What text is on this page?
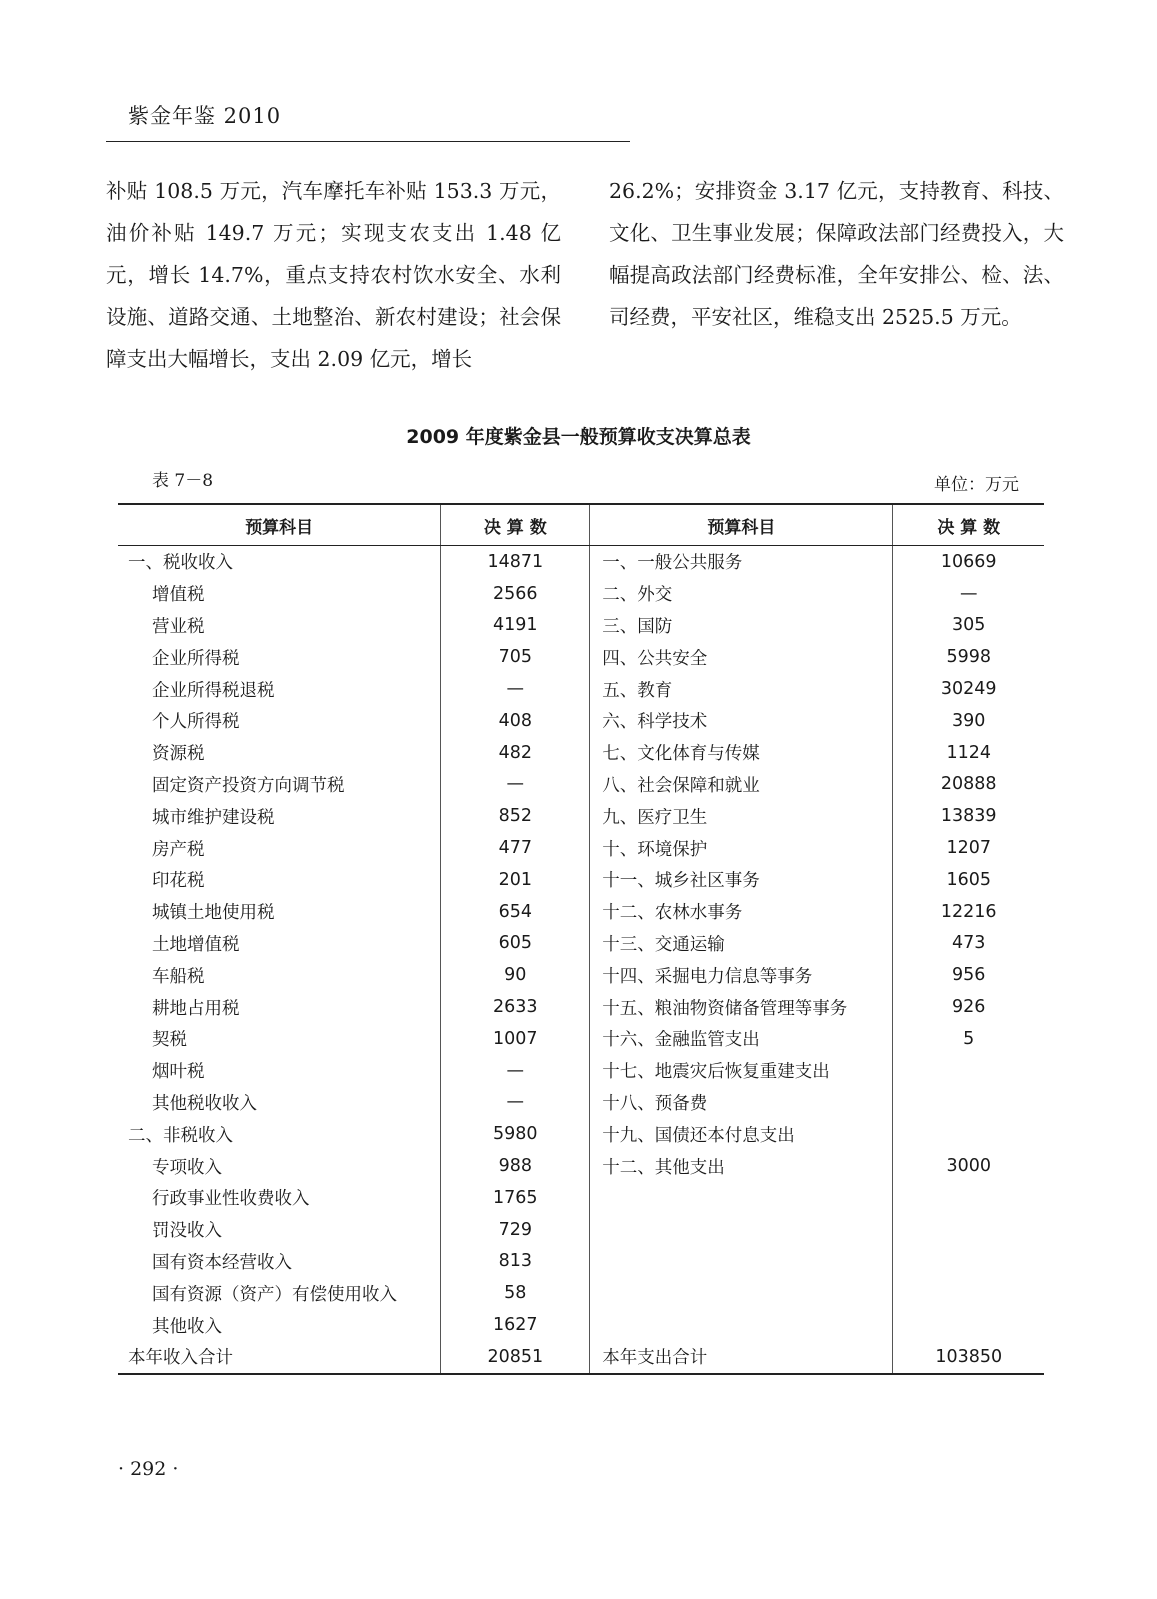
紫金年鉴 2010
补贴 108.5 万元，汽车摩托车补贴 153.3 万元，油价补贴 149.7 万元；实现支农支出 1.48 亿元，增长 14.7%，重点支持农村饮水安全、水利设施、道路交通、土地整治、新农村建设；社会保障支出大幅增长，支出 2.09 亿元，增长
26.2%；安排资金 3.17 亿元，支持教育、科技、文化、卫生事业发展；保障政法部门经费投入，大幅提高政法部门经费标准，全年安排公、检、法、司经费，平安社区，维稳支出 2525.5 万元。
2009 年度紫金县一般预算收支决算总表
表 7－8	单位：万元
预算科目	决 算 数	预算科目	决 算 数
一、税收收入	14871	一、一般公共服务	10669
增值税	2566	二、外交	—
营业税	4191	三、国防	305
企业所得税	705	四、公共安全	5998
企业所得税退税	—	五、教育	30249
个人所得税	408	六、科学技术	390
资源税	482	七、文化体育与传媒	1124
固定资产投资方向调节税	—	八、社会保障和就业	20888
城市维护建设税	852	九、医疗卫生	13839
房产税	477	十、环境保护	1207
印花税	201	十一、城乡社区事务	1605
城镇土地使用税	654	十二、农林水事务	12216
土地增值税	605	十三、交通运输	473
车船税	90	十四、采掘电力信息等事务	956
耕地占用税	2633	十五、粮油物资储备管理等事务	926
契税	1007	十六、金融监管支出	5
烟叶税	—	十七、地震灾后恢复重建支出	
其他税收收入	—	十八、预备费	
二、非税收入	5980	十九、国债还本付息支出	
专项收入	988	十二、其他支出	3000
行政事业性收费收入	1765		
罚没收入	729		
国有资本经营收入	813		
国有资源（资产）有偿使用收入	58		
其他收入	1627		
本年收入合计	20851	本年支出合计	103850
· 292 ·
